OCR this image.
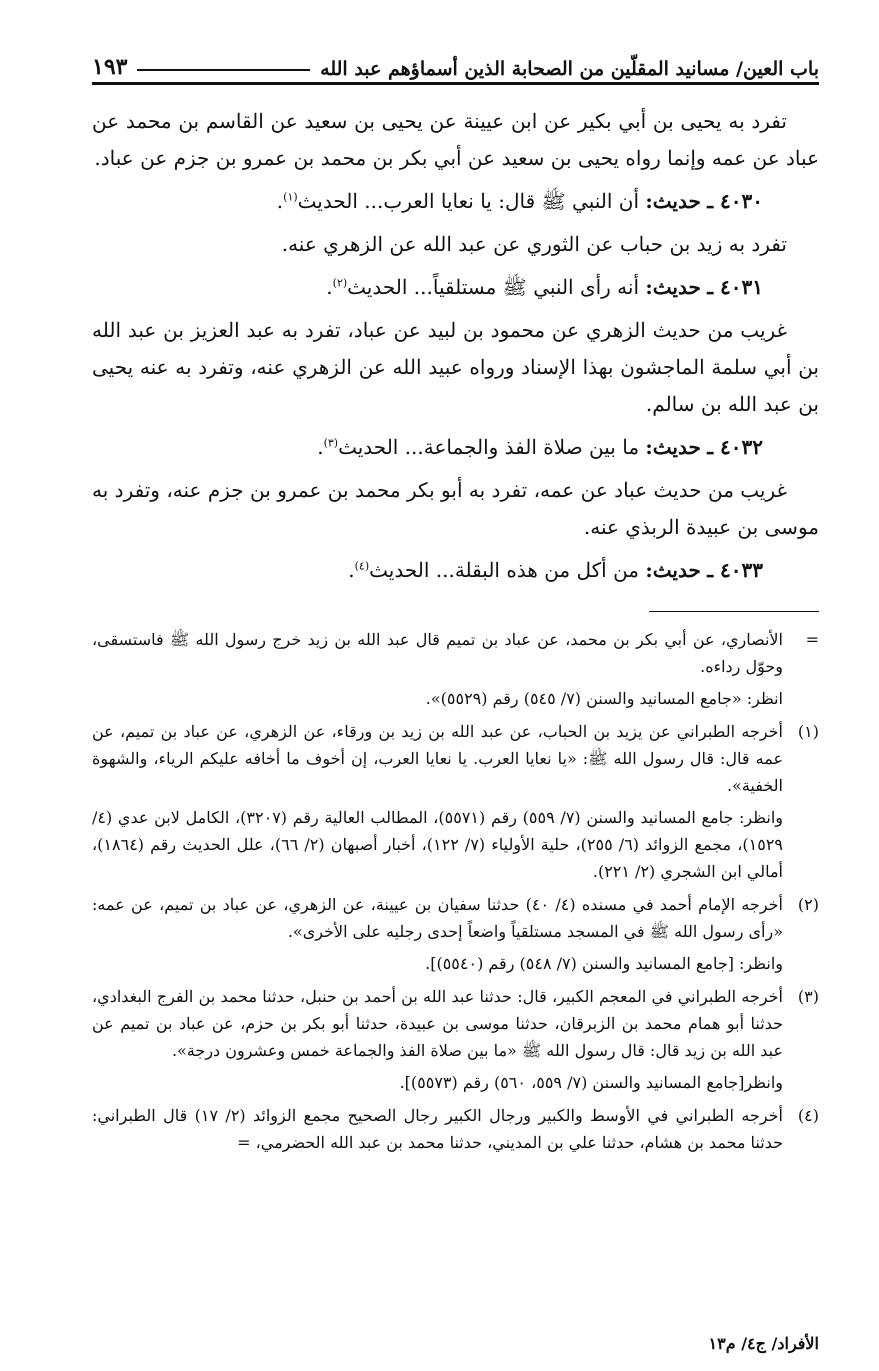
باب العين/ مسانيد المقلّين من الصحابة الذين أسماؤهم عبد الله
١٩٣

تفرد به يحيى بن أبي بكير عن ابن عيينة عن يحيى بن سعيد عن القاسم بن محمد عن عباد عن عمه وإنما رواه يحيى بن سعيد عن أبي بكر بن محمد بن عمرو بن جزم عن عباد.

٤٠٣٠ ـ حديث: أن النبي ﷺ قال: يا نعايا العرب... الحديث$^{(١)}$.

تفرد به زيد بن حباب عن الثوري عن عبد الله عن الزهري عنه.

٤٠٣١ ـ حديث: أنه رأى النبي ﷺ مستلقياً... الحديث$^{(٢)}$.

غريب من حديث الزهري عن محمود بن لبيد عن عباد، تفرد به عبد العزيز بن عبد الله بن أبي سلمة الماجشون بهذا الإسناد ورواه عبيد الله عن الزهري عنه، وتفرد به عنه يحيى بن عبد الله بن سالم.

٤٠٣٢ ـ حديث: ما بين صلاة الفذ والجماعة... الحديث$^{(٣)}$.

غريب من حديث عباد عن عمه، تفرد به أبو بكر محمد بن عمرو بن جزم عنه، وتفرد به موسى بن عبيدة الربذي عنه.

٤٠٣٣ ـ حديث: من أكل من هذه البقلة... الحديث$^{(٤)}$.

=

الأنصاري، عن أبي بكر بن محمد، عن عباد بن تميم قال عبد الله بن زيد خرج رسول الله ﷺ فاستسقى، وحوّل رداءه.

انظر: «جامع المسانيد والسنن (٧/ ٥٤٥) رقم (٥٥٢٩)».

(١)

أخرجه الطبراني عن يزيد بن الحباب، عن عبد الله بن زيد بن ورقاء، عن الزهري، عن عباد بن تميم، عن عمه قال: قال رسول الله ﷺ: «يا نعايا العرب. يا نعايا العرب، إن أخوف ما أخافه عليكم الرياء، والشهوة الخفية».

وانظر: جامع المسانيد والسنن (٧/ ٥٥٩) رقم (٥٥٧١)، المطالب العالية رقم (٣٢٠٧)، الكامل لابن عدي (٤/ ١٥٢٩)، مجمع الزوائد (٦/ ٢٥٥)، حلية الأولياء (٧/ ١٢٢)، أخبار أصبهان (٢/ ٦٦)، علل الحديث رقم (١٨٦٤)، أمالي ابن الشجري (٢/ ٢٢١).

(٢)

أخرجه الإمام أحمد في مسنده (٤/ ٤٠) حدثنا سفيان بن عيينة، عن الزهري، عن عباد بن تميم، عن عمه: «رأى رسول الله ﷺ في المسجد مستلقياً واضعاً إحدى رجليه على الأخرى».

وانظر: [جامع المسانيد والسنن (٧/ ٥٤٨) رقم (٥٥٤٠)].

(٣)

أخرجه الطبراني في المعجم الكبير، قال: حدثنا عبد الله بن أحمد بن حنبل، حدثنا محمد بن الفرج البغدادي، حدثنا أبو همام محمد بن الزبرقان، حدثنا موسى بن عبيدة، حدثنا أبو بكر بن حزم، عن عباد بن تميم عن عبد الله بن زيد قال: قال رسول الله ﷺ «ما بين صلاة الفذ والجماعة خمس وعشرون درجة».

وانظر[جامع المسانيد والسنن (٧/ ٥٥٩، ٥٦٠) رقم (٥٥٧٣)].

(٤)

أخرجه الطبراني في الأوسط والكبير ورجال الكبير رجال الصحيح مجمع الزوائد (٢/ ١٧) قال الطبراني: حدثنا محمد بن هشام، حدثنا علي بن المديني، حدثنا محمد بن عبد الله الحضرمي، =

الأفراد/ ج٤/ م١٣
